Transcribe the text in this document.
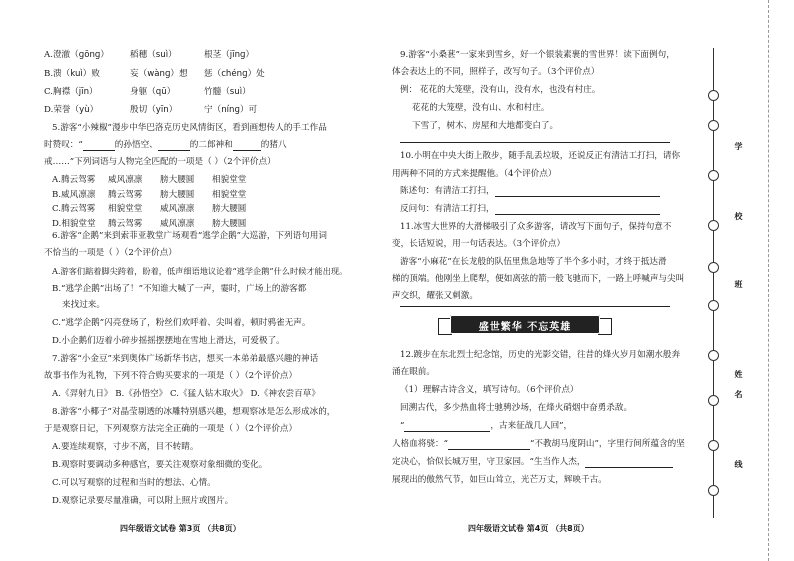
A.澄澈（ɡōnɡ） 稻穗（suì）	根茎（jīnɡ）
B.溃（kuì）败	妄（wànɡ）想 惩（chénɡ）处
C.胸襟（jīn）	身躯（qū）	竹髓（suì）
D.荣誉（yù）	殷切（yīn）	宁（nínɡ）可
5.游客“小辣椒”漫步中华巴洛克历史风情街区，看到画想传人的手工作品
时赞叹：“	的孙悟空、	的二郎神和	的猪八
戒……”下列词语与人物完全匹配的一项是（ ）（2个评价点）
A.腾云驾雾 威风凛凛 膀大腰圆 相貌堂堂
B.威风凛凛 腾云驾雾 膀大腰圆 相貌堂堂
C.腾云驾雾 相貌堂堂 威风凛凛 膀大腰圆
D.相貌堂堂 腾云驾雾 威风凛凛 膀大腰圆
6.游客“企鹅”来到索菲亚教堂广场观看“逃学企鹅”大巡游，下列语句用词
不恰当的一项是（ ）（2个评价点）
A.游客们踮着脚尖跨着，盼着，低声细语地议论着“逃学企鹅”什么时候才能出现。
B.“逃学企鹅”出场了！”不知谁大喊了一声，霎时，广场上的游客都
来找过来。
C.“逃学企鹅”闪亮登场了，粉丝们欢呼着、尖叫着，顿时鸦雀无声。
D.小企鹅们迈着小碎步摇摇摆摆地在雪地上滑达，可爱极了。
7.游客“小金豆”来到奥体广场新华书店，想买一本弟弟最感兴趣的神话
故事书作为礼物，下列不符合购买要求的一项是（ ）（2个评价点）
A.《羿射九日》 B.《孙悟空》 C.《猛人钻木取火》 D.《神农尝百草》
8.游客“小椰子”对晶莹剔透的冰雕特别感兴趣，想观察冰是怎么形成冰的，
于是观察日记，下列观察方法完全正确的一项是（ ）（2个评价点）
A.要连续观察，寸步不离，目不转睛。
B.观察时要调动多种感官，要关注观察对象细微的变化。
C.可以写观察的过程和当时的想法、心情。
D.观察记录要尽量准确，可以附上照片或图片。
四年级语文试卷 第3页 （共8页）
9.游客“小桑葚”一家来到雪乡，好一个银装素裹的雪世界！读下面例句，
体会表达上的不同，照样子，改写句子。（3个评价点）
例： 花花的大笼壁，没有山，没有水，也没有村庄。
花花的大笼壁，没有山、水和村庄。
下雪了，树木、房屋和大地都变白了。
10.小明在中央大街上散步，随手乱丢垃圾，还说反正有清洁工打扫，请你
用两种不同的方式来提醒他。（4个评价点）
陈述句：有清洁工打扫，
反问句：有清洁工打扫，
11.冰雪大世界的大滑梯吸引了众多游客，请改写下面句子，保持句意不
变，长话短说，用一句话表达。（3个评价点）
游客“小麻花”在长龙般的队伍里焦急地等了半个多小时，才终于抵达滑
梯的顶端。他刚坐上爬犁，便如离弦的箭一般飞驰而下，一路上呼喊声与尖叫
声交织，耀张又刺激。
盛世繁华 不忘英雄
12.踱步在东北烈士纪念馆，历史的光影交错，往昔的烽火岁月如潮水般奔
涌在眼前。
（1）理解古诗含义，填写诗句。（6个评价点）
回溯古代，多少热血将士驰骋沙场，在烽火硝烟中奋勇杀敌。
“	，古来征战几人回”，
人格血将骁：“	“不教胡马度阴山”，字里行间所蕴含的坚
定决心，恰似长城万里，守卫家园。“生当作人杰，
展现出的傲然气节，如巨山耸立，光芒万丈，辉映千古。
四年级语文试卷 第4页 （共8页）
学
校
班
姓
名
线
